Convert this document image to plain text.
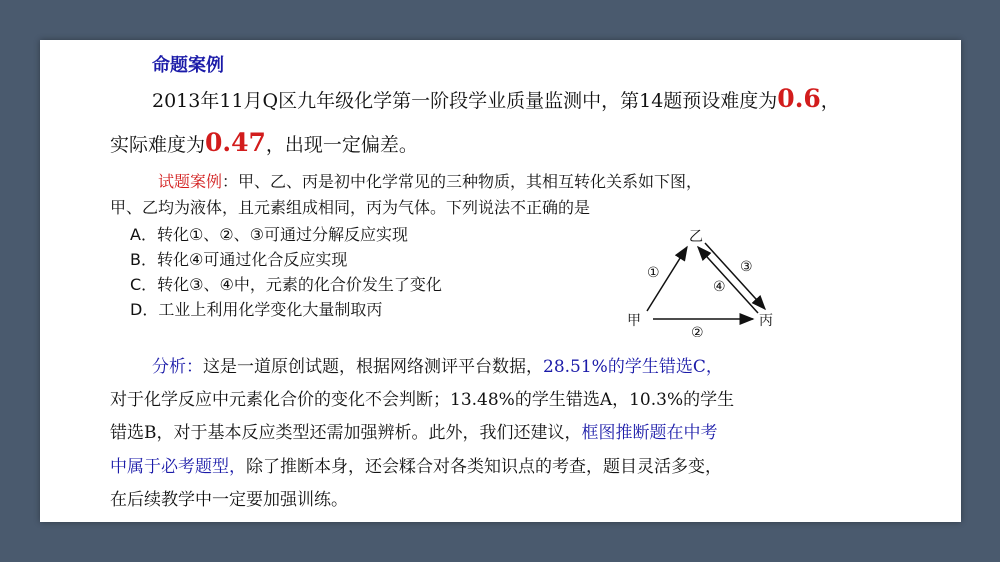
命题案例
2013年11月Q区九年级化学第一阶段学业质量监测中，第14题预设难度为0.6，
实际难度为0.47，出现一定偏差。
试题案例：甲、乙、丙是初中化学常见的三种物质，其相互转化关系如下图，
甲、乙均为液体，且元素组成相同，丙为气体。下列说法不正确的是
A．转化①、②、③可通过分解反应实现
B．转化④可通过化合反应实现
C．转化③、④中，元素的化合价发生了变化
D．工业上利用化学变化大量制取丙
甲
乙
丙
①
②
③
④
分析：这是一道原创试题，根据网络测评平台数据，28.51%的学生错选C，
对于化学反应中元素化合价的变化不会判断；13.48%的学生错选A，10.3%的学生
错选B，对于基本反应类型还需加强辨析。此外，我们还建议，框图推断题在中考
中属于必考题型，除了推断本身，还会糅合对各类知识点的考查，题目灵活多变，
在后续教学中一定要加强训练。
